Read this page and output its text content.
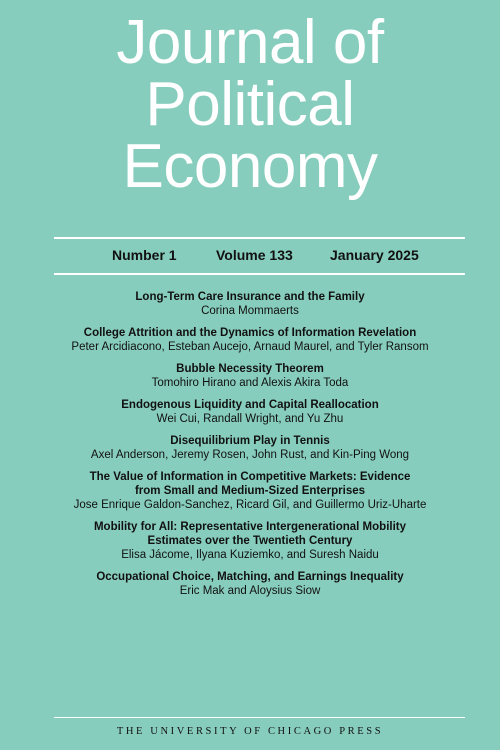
Journal of
Political
Economy
Number 1	Volume 133	January 2025
Long-Term Care Insurance and the Family
Corina Mommaerts
College Attrition and the Dynamics of Information Revelation
Peter Arcidiacono, Esteban Aucejo, Arnaud Maurel, and Tyler Ransom
Bubble Necessity Theorem
Tomohiro Hirano and Alexis Akira Toda
Endogenous Liquidity and Capital Reallocation
Wei Cui, Randall Wright, and Yu Zhu
Disequilibrium Play in Tennis
Axel Anderson, Jeremy Rosen, John Rust, and Kin-Ping Wong
The Value of Information in Competitive Markets: Evidence
from Small and Medium-Sized Enterprises
Jose Enrique Galdon-Sanchez, Ricard Gil, and Guillermo Uriz-Uharte
Mobility for All: Representative Intergenerational Mobility
Estimates over the Twentieth Century
Elisa Jácome, Ilyana Kuziemko, and Suresh Naidu
Occupational Choice, Matching, and Earnings Inequality
Eric Mak and Aloysius Siow
THE UNIVERSITY OF CHICAGO PRESS
